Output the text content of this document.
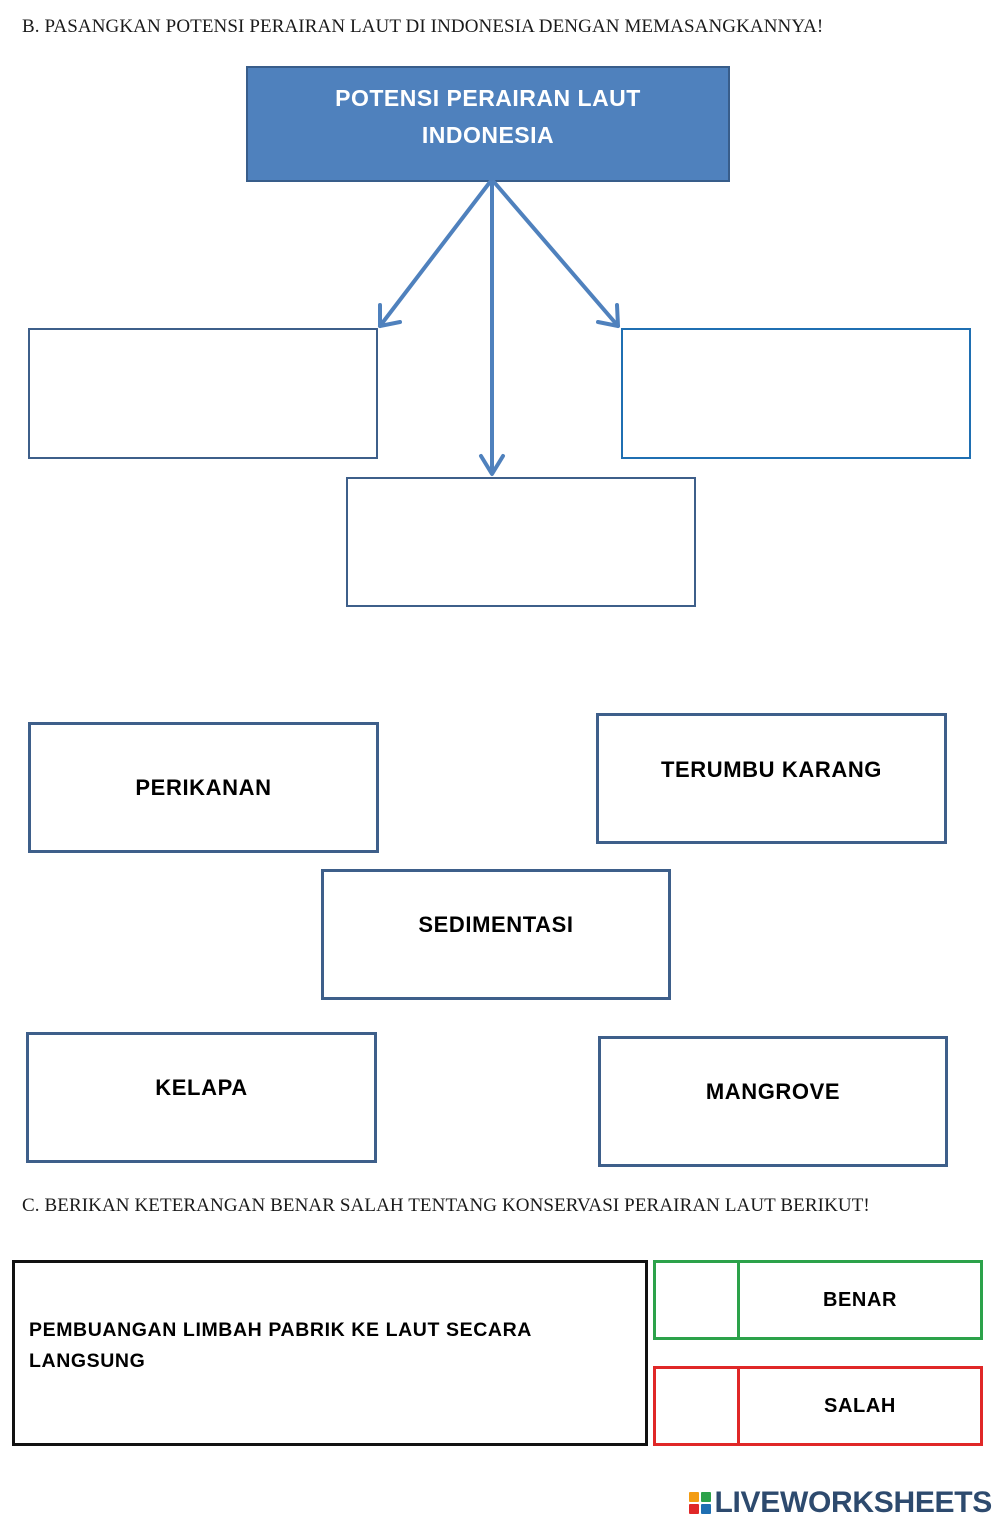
B. PASANGKAN POTENSI PERAIRAN LAUT DI INDONESIA DENGAN MEMASANGKANNYA!
POTENSI PERAIRAN LAUT
INDONESIA
PERIKANAN
TERUMBU KARANG
SEDIMENTASI
KELAPA	MANGROVE
C. BERIKAN KETERANGAN BENAR SALAH TENTANG KONSERVASI PERAIRAN LAUT BERIKUT!
PEMBUANGAN LIMBAH PABRIK KE LAUT SECARA
LANGSUNG
BENAR
SALAH
LIVEWORKSHEETS
